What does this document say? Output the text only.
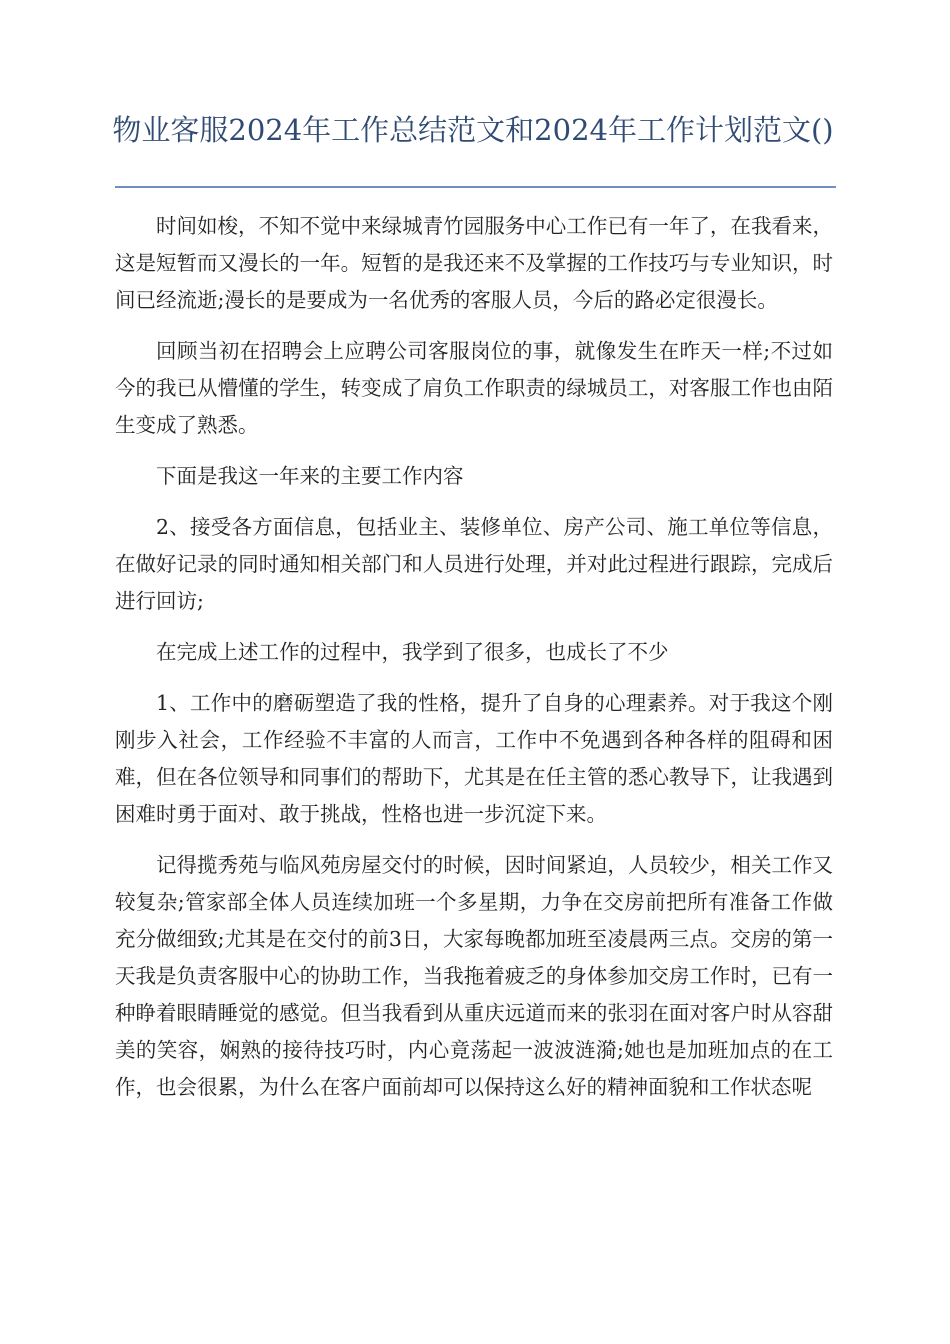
物业客服2024年工作总结范文和2024年工作计划范文()

时间如梭，不知不觉中来绿城青竹园服务中心工作已有一年了，在我看来，这是短暂而又漫长的一年。短暂的是我还来不及掌握的工作技巧与专业知识，时间已经流逝;漫长的是要成为一名优秀的客服人员，今后的路必定很漫长。

回顾当初在招聘会上应聘公司客服岗位的事，就像发生在昨天一样;不过如今的我已从懵懂的学生，转变成了肩负工作职责的绿城员工，对客服工作也由陌生变成了熟悉。

下面是我这一年来的主要工作内容

2、接受各方面信息，包括业主、装修单位、房产公司、施工单位等信息，在做好记录的同时通知相关部门和人员进行处理，并对此过程进行跟踪，完成后进行回访;

在完成上述工作的过程中，我学到了很多，也成长了不少

1、工作中的磨砺塑造了我的性格，提升了自身的心理素养。对于我这个刚刚步入社会，工作经验不丰富的人而言，工作中不免遇到各种各样的阻碍和困难，但在各位领导和同事们的帮助下，尤其是在任主管的悉心教导下，让我遇到困难时勇于面对、敢于挑战，性格也进一步沉淀下来。

记得揽秀苑与临风苑房屋交付的时候，因时间紧迫，人员较少，相关工作又较复杂;管家部全体人员连续加班一个多星期，力争在交房前把所有准备工作做充分做细致;尤其是在交付的前3日，大家每晚都加班至凌晨两三点。交房的第一天我是负责客服中心的协助工作，当我拖着疲乏的身体参加交房工作时，已有一种睁着眼睛睡觉的感觉。但当我看到从重庆远道而来的张羽在面对客户时从容甜美的笑容，娴熟的接待技巧时，内心竟荡起一波波涟漪;她也是加班加点的在工作，也会很累，为什么在客户面前却可以保持这么好的精神面貌和工作状态呢
